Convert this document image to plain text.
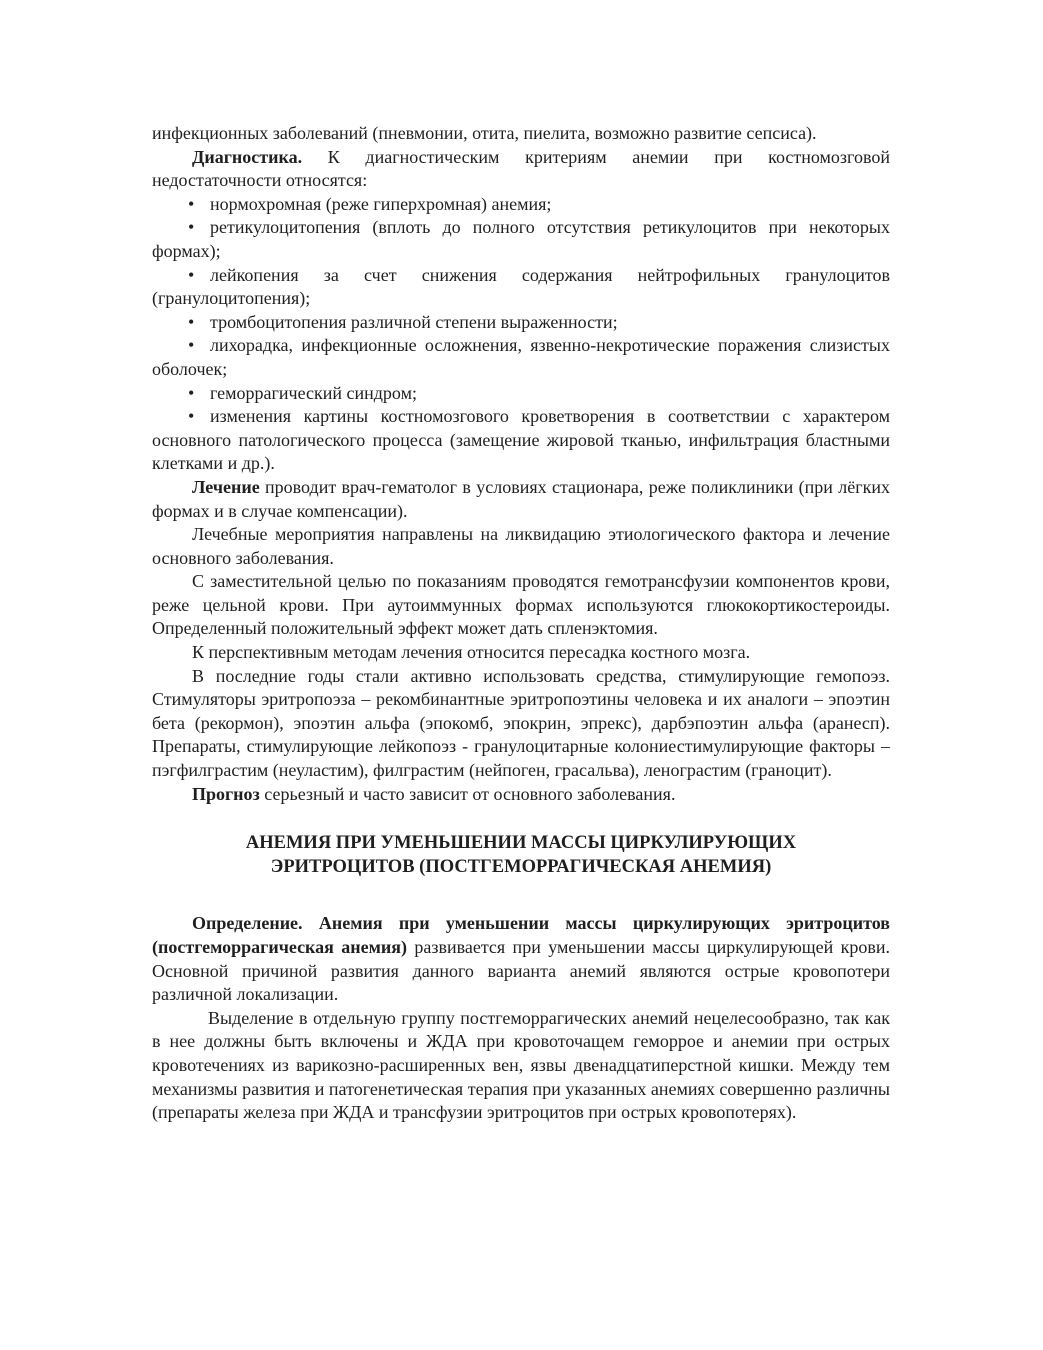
инфекционных заболеваний (пневмонии, отита, пиелита, возможно развитие сепсиса).

Диагностика. К диагностическим критериям анемии при костномозговой недостаточности относятся:

• нормохромная (реже гиперхромная) анемия;

• ретикулоцитопения (вплоть до полного отсутствия ретикулоцитов при некоторых формах);

• лейкопения за счет снижения содержания нейтрофильных гранулоцитов (гранулоцитопения);

• тромбоцитопения различной степени выраженности;

• лихорадка, инфекционные осложнения, язвенно-некротические поражения слизистых оболочек;

• геморрагический синдром;

• изменения картины костномозгового кроветворения в соответствии с характером основного патологического процесса (замещение жировой тканью, инфильтрация бластными клетками и др.).

Лечение проводит врач-гематолог в условиях стационара, реже поликлиники (при лёгких формах и в случае компенсации).

Лечебные мероприятия направлены на ликвидацию этиологического фактора и лечение основного заболевания.

С заместительной целью по показаниям проводятся гемотрансфузии компонентов крови, реже цельной крови. При аутоиммунных формах используются глюкокортикостероиды. Определенный положительный эффект может дать спленэктомия.

К перспективным методам лечения относится пересадка костного мозга.

В последние годы стали активно использовать средства, стимулирующие гемопоэз. Стимуляторы эритропоэза – рекомбинантные эритропоэтины человека и их аналоги – эпоэтин бета (рекормон), эпоэтин альфа (эпокомб, эпокрин, эпрекс), дарбэпоэтин альфа (аранесп). Препараты, стимулирующие лейкопоэз - гранулоцитарные колониестимулирующие факторы – пэгфилграстим (неуластим), филграстим (нейпоген, грасальва), ленограстим (граноцит).

Прогноз серьезный и часто зависит от основного заболевания.

АНЕМИЯ ПРИ УМЕНЬШЕНИИ МАССЫ ЦИРКУЛИРУЮЩИХ
ЭРИТРОЦИТОВ (ПОСТГЕМОРРАГИЧЕСКАЯ АНЕМИЯ)

Определение. Анемия при уменьшении массы циркулирующих эритроцитов (постгеморрагическая анемия) развивается при уменьшении массы циркулирующей крови. Основной причиной развития данного варианта анемий являются острые кровопотери различной локализации.

Выделение в отдельную группу постгеморрагических анемий нецелесообразно, так как в нее должны быть включены и ЖДА при кровоточащем геморрое и анемии при острых кровотечениях из варикозно-расширенных вен, язвы двенадцатиперстной кишки. Между тем механизмы развития и патогенетическая терапия при указанных анемиях совершенно различны (препараты железа при ЖДА и трансфузии эритроцитов при острых кровопотерях).
